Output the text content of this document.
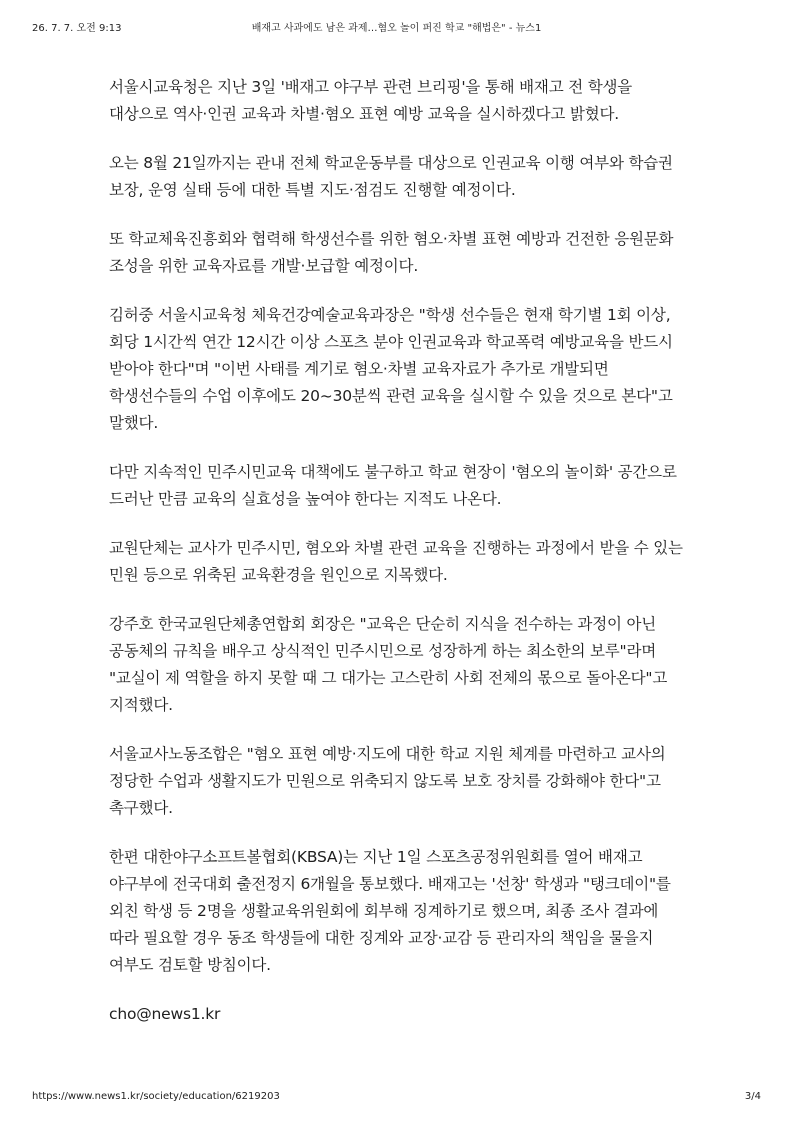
26. 7. 7. 오전 9:13	배재고 사과에도 남은 과제…혐오 놀이 퍼진 학교 "해법은" - 뉴스1

서울시교육청은 지난 3일 '배재고 야구부 관련 브리핑'을 통해 배재고 전 학생을 대상으로 역사·인권 교육과 차별·혐오 표현 예방 교육을 실시하겠다고 밝혔다.

오는 8월 21일까지는 관내 전체 학교운동부를 대상으로 인권교육 이행 여부와 학습권 보장, 운영 실태 등에 대한 특별 지도·점검도 진행할 예정이다.

또 학교체육진흥회와 협력해 학생선수를 위한 혐오·차별 표현 예방과 건전한 응원문화 조성을 위한 교육자료를 개발·보급할 예정이다.

김허중 서울시교육청 체육건강예술교육과장은 "학생 선수들은 현재 학기별 1회 이상, 회당 1시간씩 연간 12시간 이상 스포츠 분야 인권교육과 학교폭력 예방교육을 반드시 받아야 한다"며 "이번 사태를 계기로 혐오·차별 교육자료가 추가로 개발되면 학생선수들의 수업 이후에도 20~30분씩 관련 교육을 실시할 수 있을 것으로 본다"고 말했다.

다만 지속적인 민주시민교육 대책에도 불구하고 학교 현장이 '혐오의 놀이화' 공간으로 드러난 만큼 교육의 실효성을 높여야 한다는 지적도 나온다.

교원단체는 교사가 민주시민, 혐오와 차별 관련 교육을 진행하는 과정에서 받을 수 있는 민원 등으로 위축된 교육환경을 원인으로 지목했다.

강주호 한국교원단체총연합회 회장은 "교육은 단순히 지식을 전수하는 과정이 아닌 공동체의 규칙을 배우고 상식적인 민주시민으로 성장하게 하는 최소한의 보루"라며 "교실이 제 역할을 하지 못할 때 그 대가는 고스란히 사회 전체의 몫으로 돌아온다"고 지적했다.

서울교사노동조합은 "혐오 표현 예방·지도에 대한 학교 지원 체계를 마련하고 교사의 정당한 수업과 생활지도가 민원으로 위축되지 않도록 보호 장치를 강화해야 한다"고 촉구했다.

한편 대한야구소프트볼협회(KBSA)는 지난 1일 스포츠공정위원회를 열어 배재고 야구부에 전국대회 출전정지 6개월을 통보했다. 배재고는 '선창' 학생과 "탱크데이"를 외친 학생 등 2명을 생활교육위원회에 회부해 징계하기로 했으며, 최종 조사 결과에 따라 필요할 경우 동조 학생들에 대한 징계와 교장·교감 등 관리자의 책임을 물을지 여부도 검토할 방침이다.

cho@news1.kr

https://www.news1.kr/society/education/6219203	3/4
